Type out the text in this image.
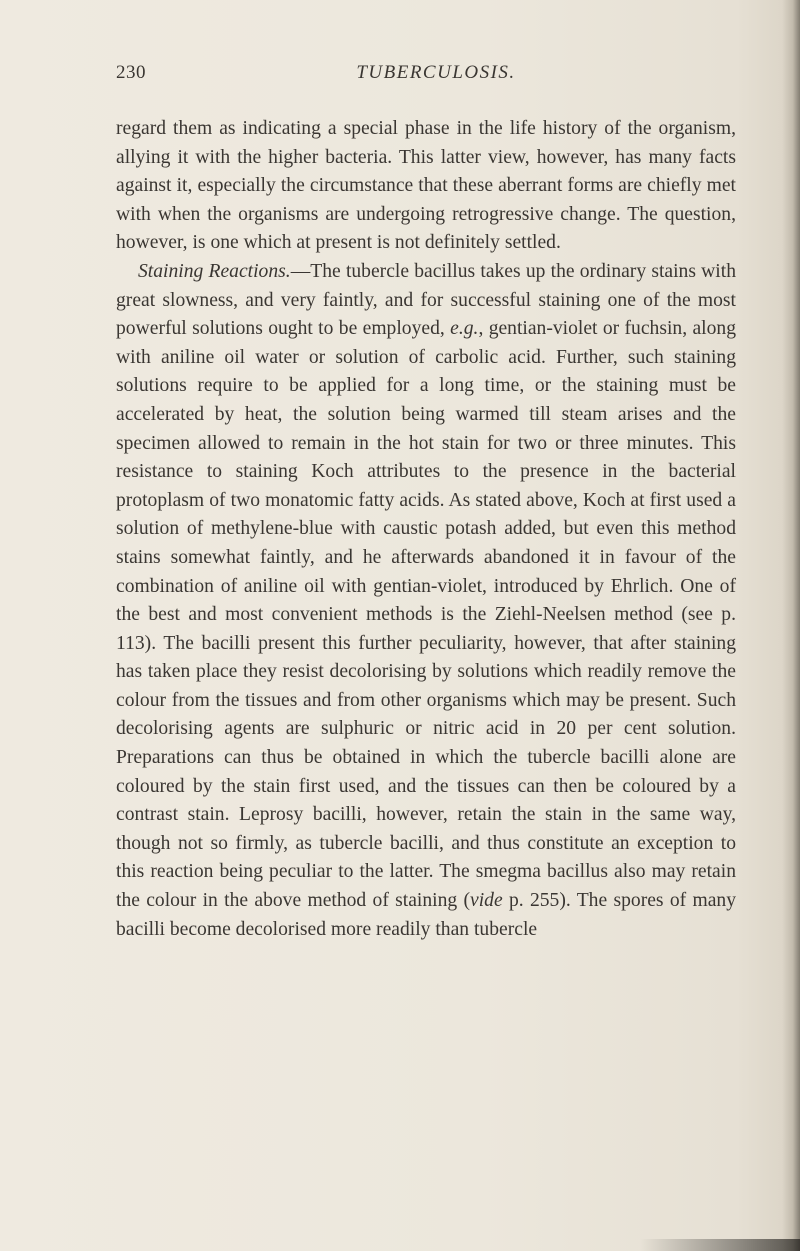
230	TUBERCULOSIS.

regard them as indicating a special phase in the life history of the organism, allying it with the higher bacteria. This latter view, however, has many facts against it, especially the circumstance that these aberrant forms are chiefly met with when the organisms are undergoing retrogressive change. The question, however, is one which at present is not definitely settled.

Staining Reactions.—The tubercle bacillus takes up the ordinary stains with great slowness, and very faintly, and for successful staining one of the most powerful solutions ought to be employed, e.g., gentian-violet or fuchsin, along with aniline oil water or solution of carbolic acid. Further, such staining solutions require to be applied for a long time, or the staining must be accelerated by heat, the solution being warmed till steam arises and the specimen allowed to remain in the hot stain for two or three minutes. This resistance to staining Koch attributes to the presence in the bacterial protoplasm of two monatomic fatty acids. As stated above, Koch at first used a solution of methylene-blue with caustic potash added, but even this method stains somewhat faintly, and he afterwards abandoned it in favour of the combination of aniline oil with gentian-violet, introduced by Ehrlich. One of the best and most convenient methods is the Ziehl-Neelsen method (see p. 113). The bacilli present this further peculiarity, however, that after staining has taken place they resist decolorising by solutions which readily remove the colour from the tissues and from other organisms which may be present. Such decolorising agents are sulphuric or nitric acid in 20 per cent solution. Preparations can thus be obtained in which the tubercle bacilli alone are coloured by the stain first used, and the tissues can then be coloured by a contrast stain. Leprosy bacilli, however, retain the stain in the same way, though not so firmly, as tubercle bacilli, and thus constitute an exception to this reaction being peculiar to the latter. The smegma bacillus also may retain the colour in the above method of staining (vide p. 255). The spores of many bacilli become decolorised more readily than tubercle
